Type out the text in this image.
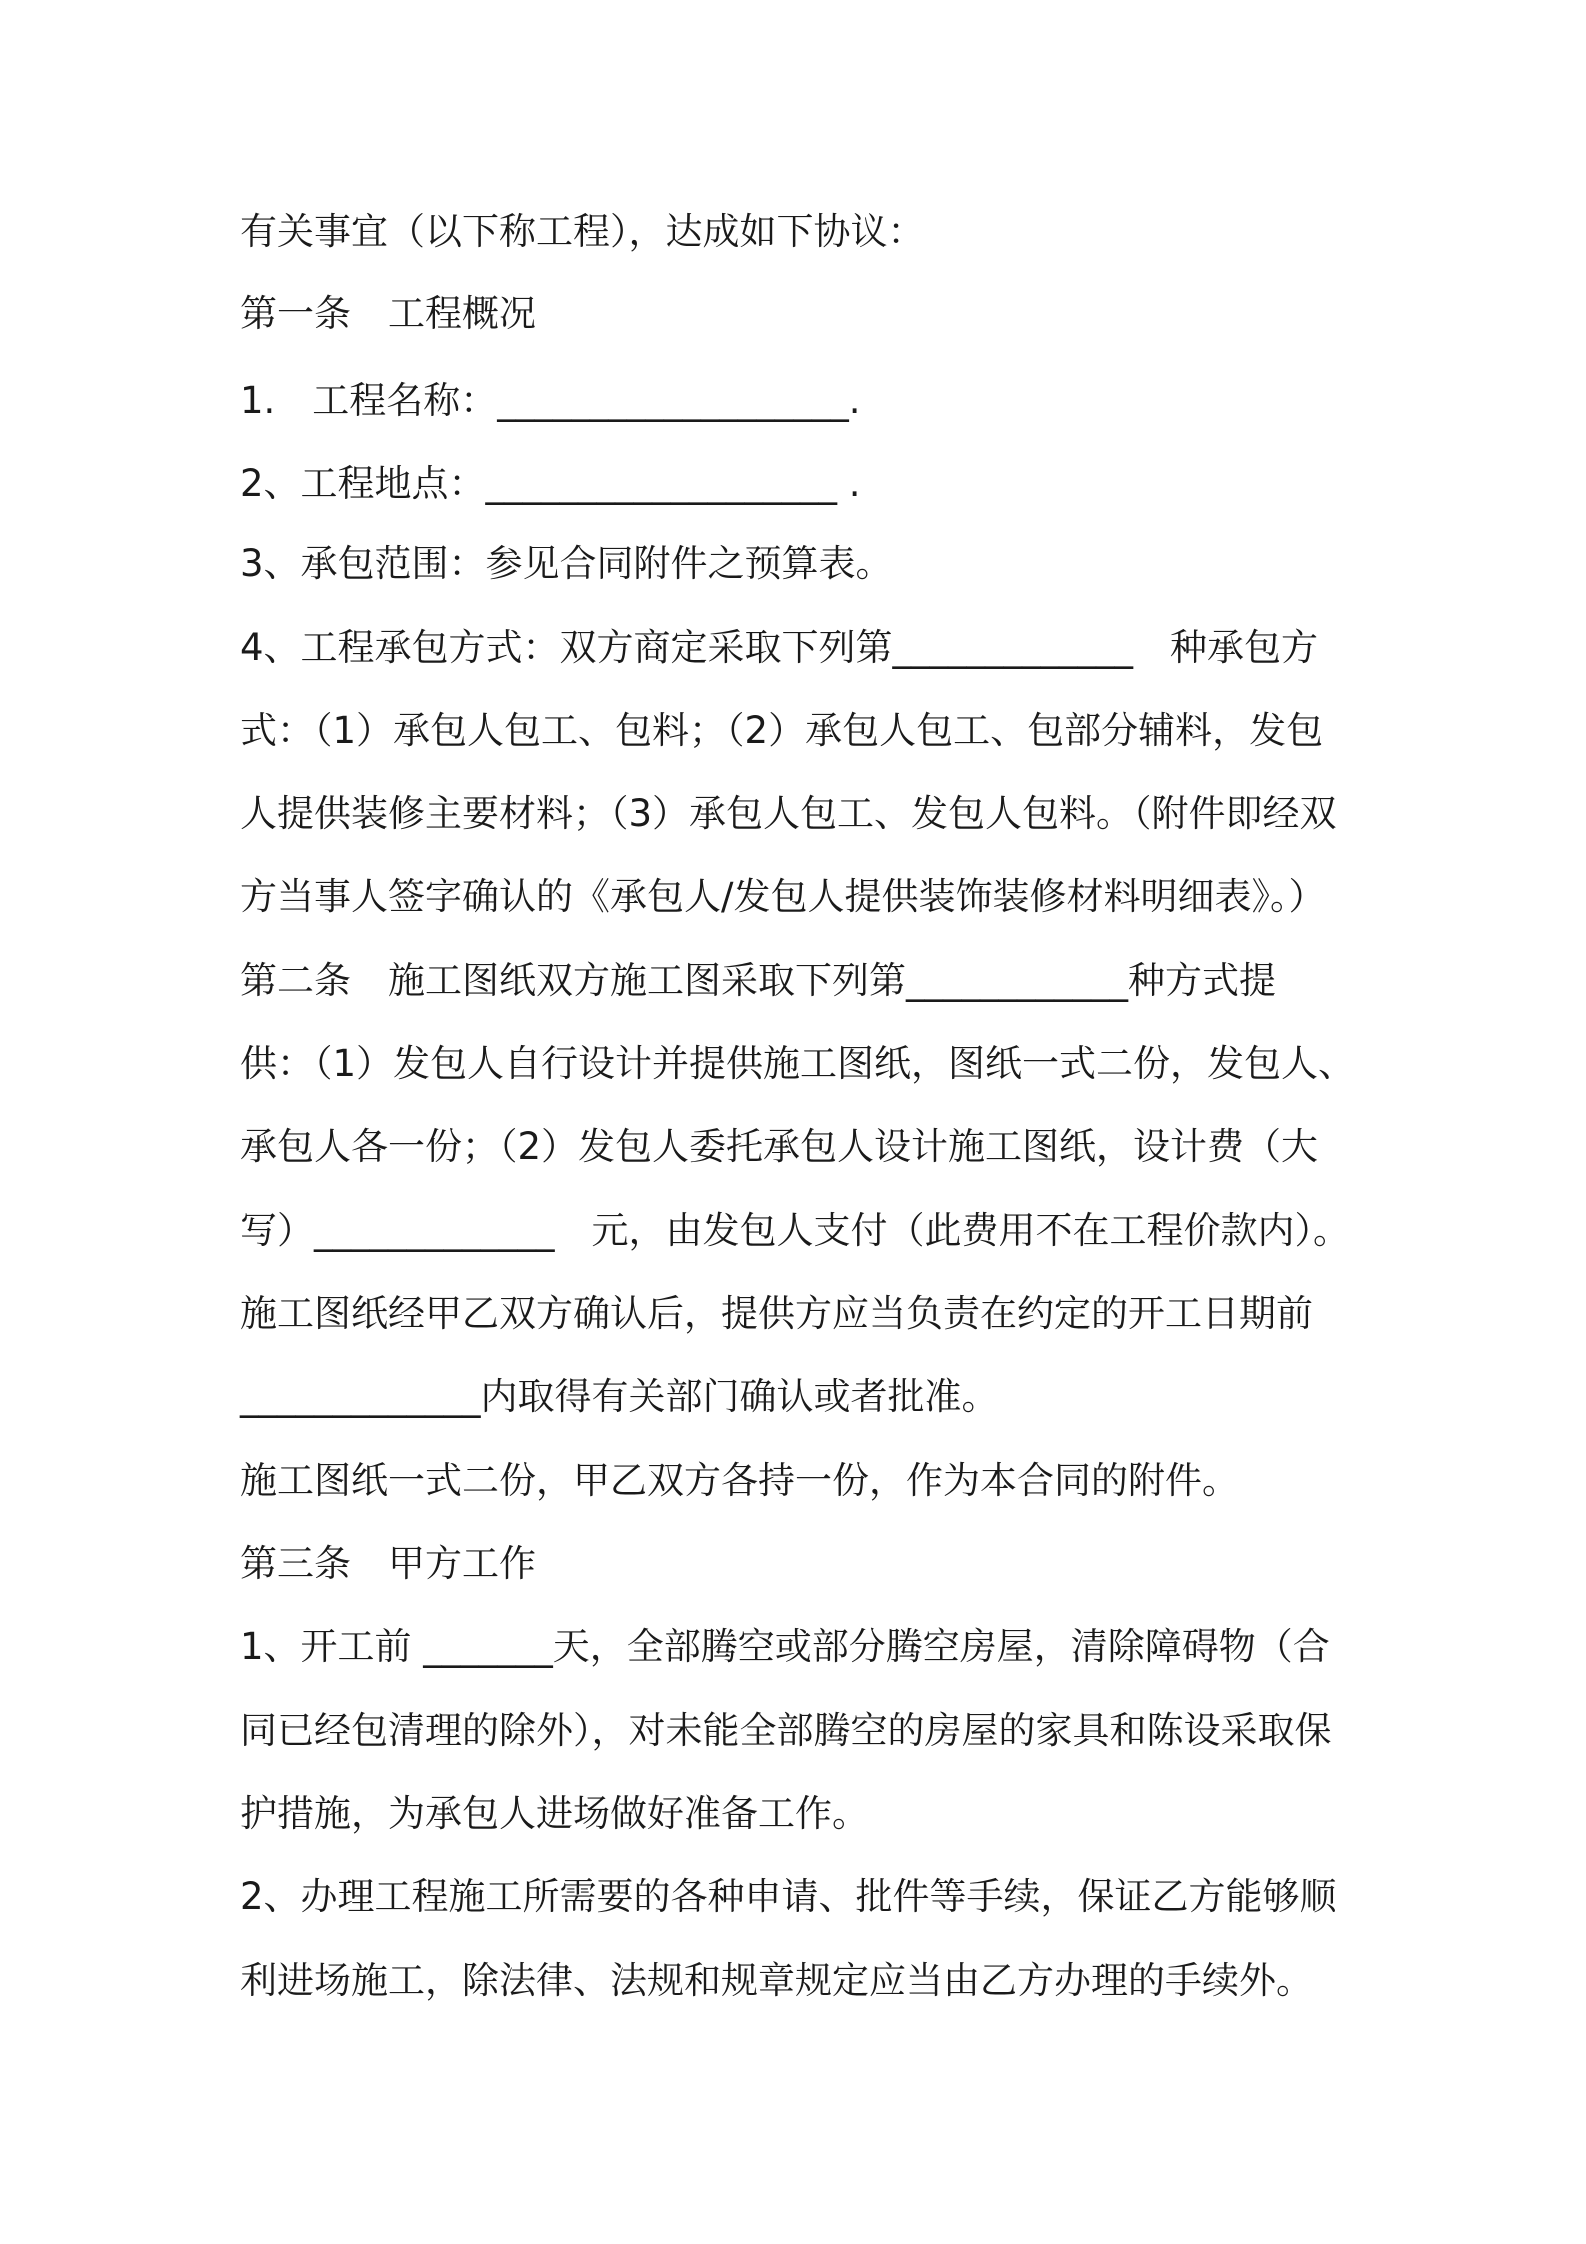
有关事宜（以下称工程），达成如下协议：
第一条　工程概况
1.　工程名称：___________________.
2、工程地点：___________________ .
3、承包范围：参见合同附件之预算表。
4、工程承包方式：双方商定采取下列第_____________　种承包方
式：（1）承包人包工、包料；（2）承包人包工、包部分辅料，发包
人提供装修主要材料；（3）承包人包工、发包人包料。（附件即经双
方当事人签字确认的《承包人/发包人提供装饰装修材料明细表》。）
第二条　施工图纸双方施工图采取下列第____________种方式提
供：（1）发包人自行设计并提供施工图纸，图纸一式二份，发包人、
承包人各一份；（2）发包人委托承包人设计施工图纸，设计费（大
写）_____________　元，由发包人支付（此费用不在工程价款内）。
施工图纸经甲乙双方确认后，提供方应当负责在约定的开工日期前
_____________内取得有关部门确认或者批准。
施工图纸一式二份，甲乙双方各持一份，作为本合同的附件。
第三条　甲方工作
1、开工前 _______天，全部腾空或部分腾空房屋，清除障碍物（合
同已经包清理的除外），对未能全部腾空的房屋的家具和陈设采取保
护措施，为承包人进场做好准备工作。
2、办理工程施工所需要的各种申请、批件等手续，保证乙方能够顺
利进场施工，除法律、法规和规章规定应当由乙方办理的手续外。
